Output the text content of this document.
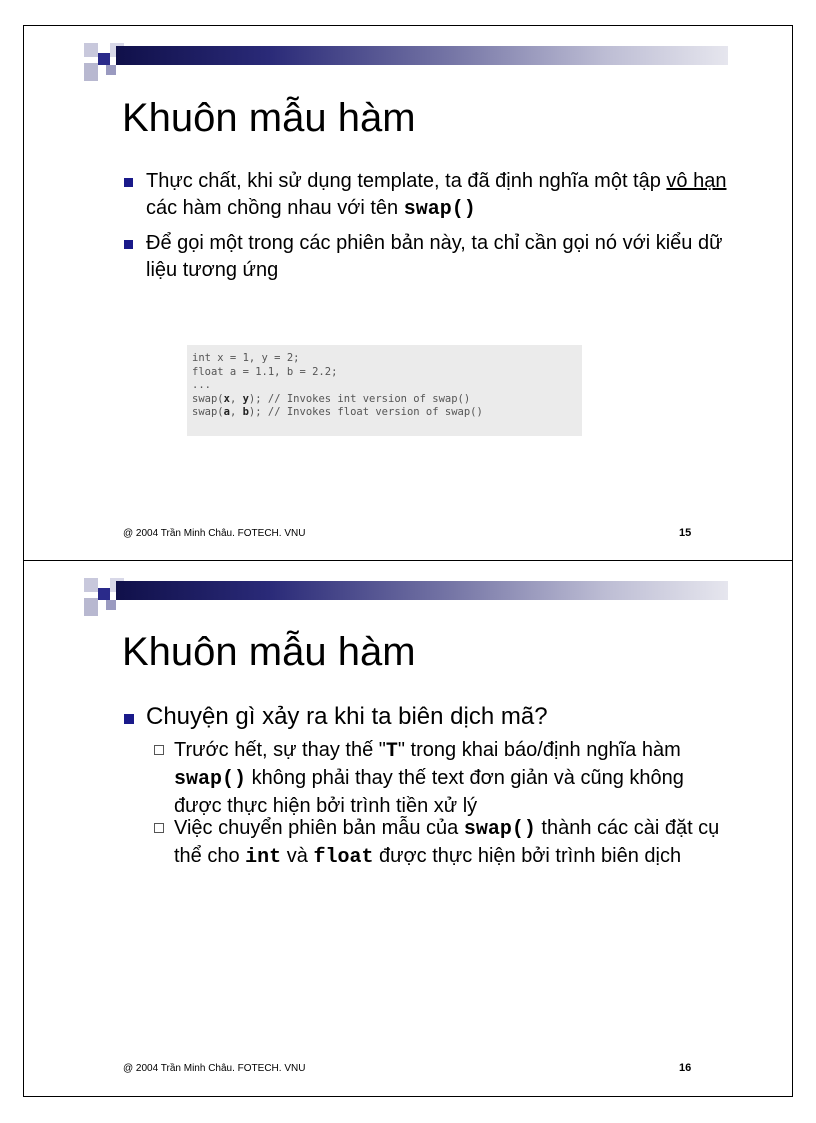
Khuôn mẫu hàm
Thực chất, khi sử dụng template, ta đã định nghĩa một tập vô hạn các hàm chồng nhau với tên swap()
Để gọi một trong các phiên bản này, ta chỉ cần gọi nó với kiểu dữ liệu tương ứng
int x = 1, y = 2;
float a = 1.1, b = 2.2;
...
swap(x, y); // Invokes int version of swap()
swap(a, b); // Invokes float version of swap()
@ 2004 Trần Minh Châu. FOTECH. VNU	15
Khuôn mẫu hàm
Chuyện gì xảy ra khi ta biên dịch mã?
Trước hết, sự thay thế "T" trong khai báo/định nghĩa hàm swap() không phải thay thế text đơn giản và cũng không được thực hiện bởi trình tiền xử lý
Việc chuyển phiên bản mẫu của swap() thành các cài đặt cụ thể cho int và float được thực hiện bởi trình biên dịch
@ 2004 Trần Minh Châu. FOTECH. VNU	16
